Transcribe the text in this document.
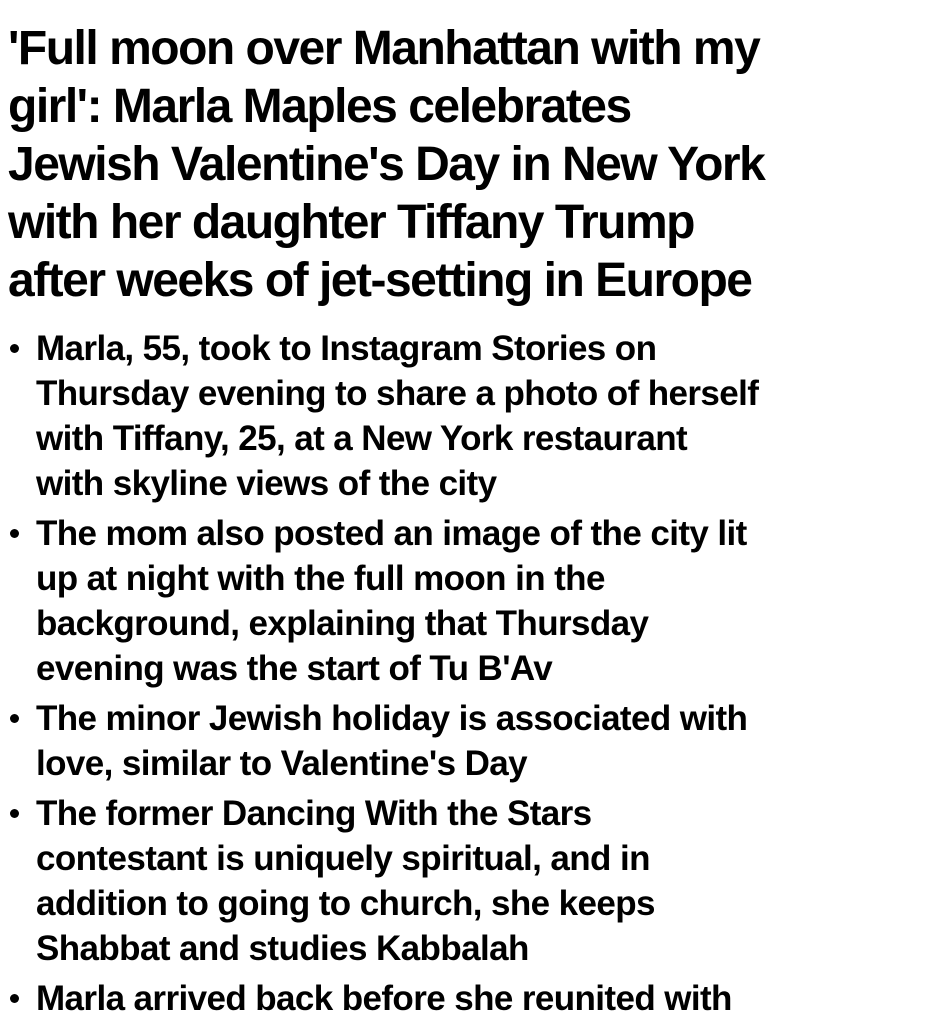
'Full moon over Manhattan with my
girl': Marla Maples celebrates
Jewish Valentine's Day in New York
with her daughter Tiffany Trump
after weeks of jet-setting in Europe
Marla, 55, took to Instagram Stories on
Thursday evening to share a photo of herself
with Tiffany, 25, at a New York restaurant
with skyline views of the city
The mom also posted an image of the city lit
up at night with the full moon in the
background, explaining that Thursday
evening was the start of Tu B'Av
The minor Jewish holiday is associated with
love, similar to Valentine's Day
The former Dancing With the Stars
contestant is uniquely spiritual, and in
addition to going to church, she keeps
Shabbat and studies Kabbalah
Marla arrived back before she reunited with
